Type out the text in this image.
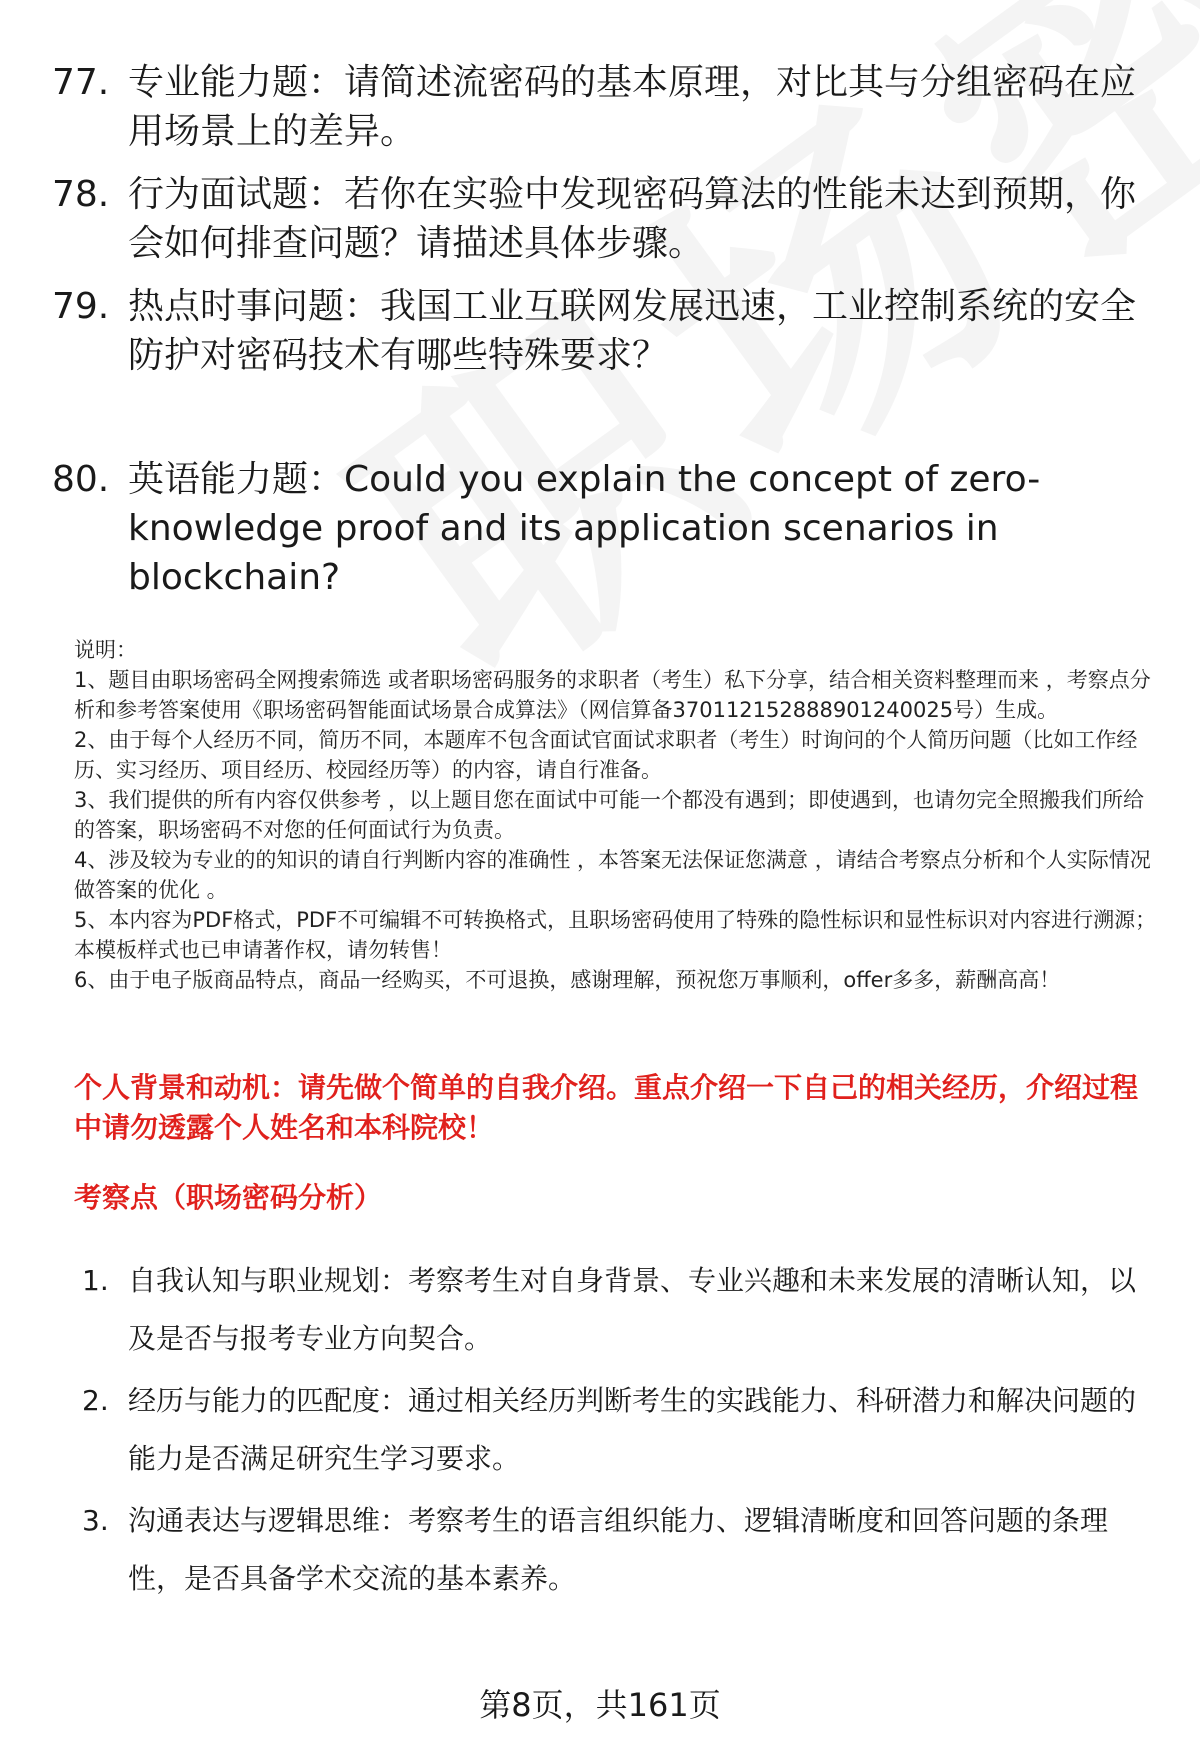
77. 专业能力题：请简述流密码的基本原理，对比其与分组密码在应用场景上的差异。
78. 行为面试题：若你在实验中发现密码算法的性能未达到预期，你会如何排查问题？请描述具体步骤。
79. 热点时事问题：我国工业互联网发展迅速，工业控制系统的安全防护对密码技术有哪些特殊要求？
80. 英语能力题：Could you explain the concept of zero-knowledge proof and its application scenarios in blockchain?

说明：

1、题目由职场密码全网搜索筛选 或者职场密码服务的求职者（考生）私下分享，结合相关资料整理而来 ，考察点分析和参考答案使用《职场密码智能面试场景合成算法》（网信算备370112152888901240025号）生成。

2、由于每个人经历不同，简历不同，本题库不包含面试官面试求职者（考生）时询问的个人简历问题（比如工作经历、实习经历、项目经历、校园经历等）的内容，请自行准备。

3、我们提供的所有内容仅供参考 ，以上题目您在面试中可能一个都没有遇到；即使遇到，也请勿完全照搬我们所给的答案，职场密码不对您的任何面试行为负责。

4、涉及较为专业的的知识的请自行判断内容的准确性 ，本答案无法保证您满意 ，请结合考察点分析和个人实际情况做答案的优化 。

5、本内容为PDF格式，PDF不可编辑不可转换格式，且职场密码使用了特殊的隐性标识和显性标识对内容进行溯源；本模板样式也已申请著作权，请勿转售！

6、由于电子版商品特点，商品一经购买，不可退换，感谢理解，预祝您万事顺利，offer多多，薪酬高高！

个人背景和动机：请先做个简单的自我介绍。重点介绍一下自己的相关经历，介绍过程中请勿透露个人姓名和本科院校！
考察点（职场密码分析）
1. 自我认知与职业规划：考察考生对自身背景、专业兴趣和未来发展的清晰认知，以及是否与报考专业方向契合。
2. 经历与能力的匹配度：通过相关经历判断考生的实践能力、科研潜力和解决问题的能力是否满足研究生学习要求。
3. 沟通表达与逻辑思维：考察考生的语言组织能力、逻辑清晰度和回答问题的条理性，是否具备学术交流的基本素养。
第8页，共161页
